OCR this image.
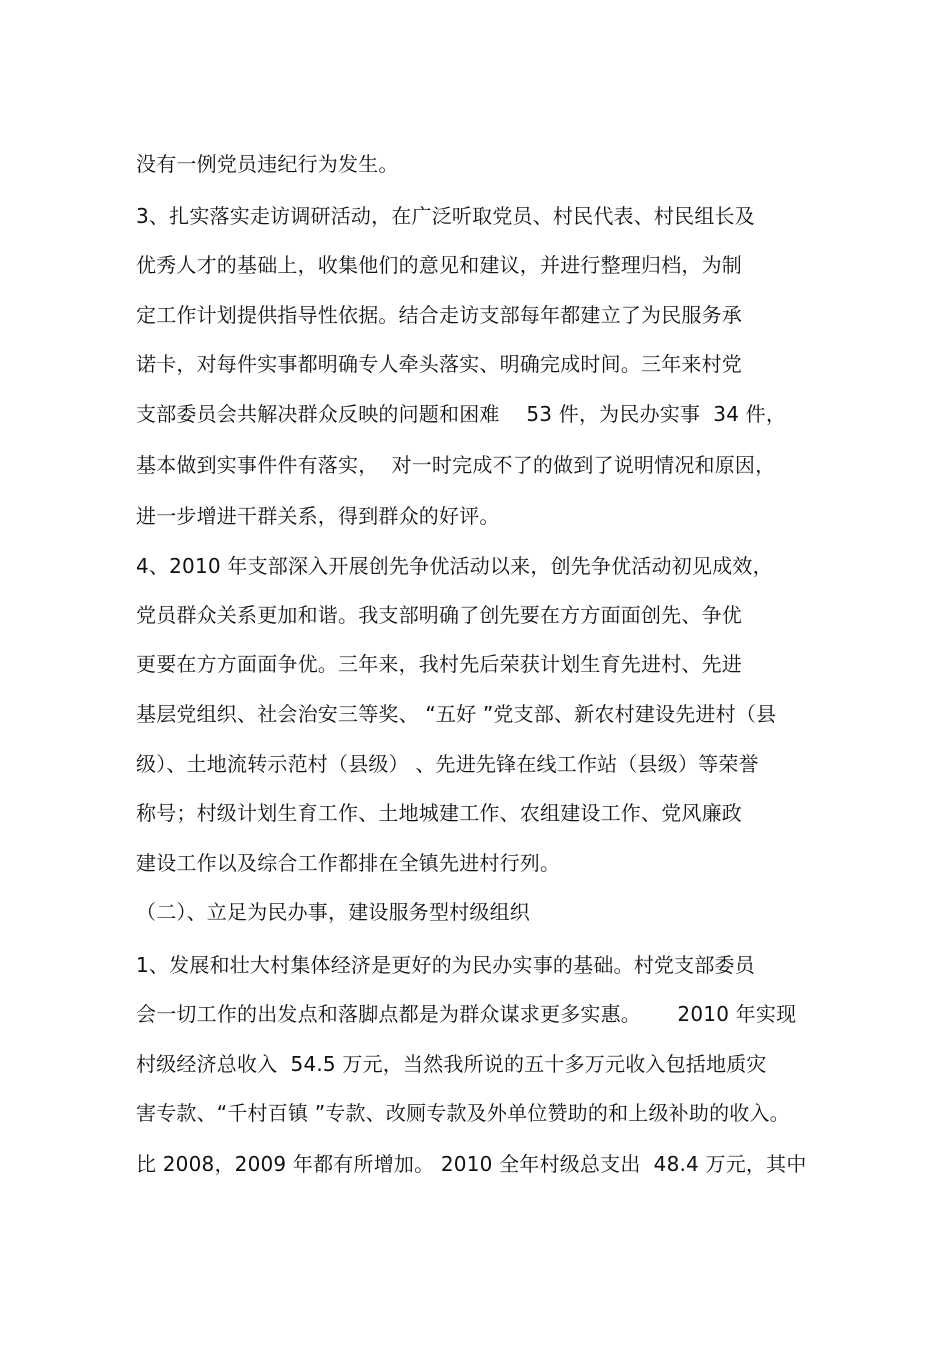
没有一例党员违纪行为发生。
3、扎实落实走访调研活动，在广泛听取党员、村民代表、村民组长及
优秀人才的基础上，收集他们的意见和建议，并进行整理归档，为制
定工作计划提供指导性依据。结合走访支部每年都建立了为民服务承
诺卡，对每件实事都明确专人牵头落实、明确完成时间。三年来村党
支部委员会共解决群众反映的问题和困难　 53 件，为民办实事  34 件，
基本做到实事件件有落实，  对一时完成不了的做到了说明情况和原因，
进一步增进干群关系，得到群众的好评。
4、2010 年支部深入开展创先争优活动以来，创先争优活动初见成效，
党员群众关系更加和谐。我支部明确了创先要在方方面面创先、争优
更要在方方面面争优。三年来，我村先后荣获计划生育先进村、先进
基层党组织、社会治安三等奖、 “五好 ”党支部、新农村建设先进村（县
级）、土地流转示范村（县级） 、先进先锋在线工作站（县级）等荣誉
称号；村级计划生育工作、土地城建工作、农组建设工作、党风廉政
建设工作以及综合工作都排在全镇先进村行列。
（二）、立足为民办事，建设服务型村级组织
1、发展和壮大村集体经济是更好的为民办实事的基础。村党支部委员
会一切工作的出发点和落脚点都是为群众谋求更多实惠。　    2010 年实现
村级经济总收入  54.5 万元，当然我所说的五十多万元收入包括地质灾
害专款、“千村百镇 ”专款、改厕专款及外单位赞助的和上级补助的收入。
比 2008，2009 年都有所增加。 2010 全年村级总支出  48.4 万元，其中
